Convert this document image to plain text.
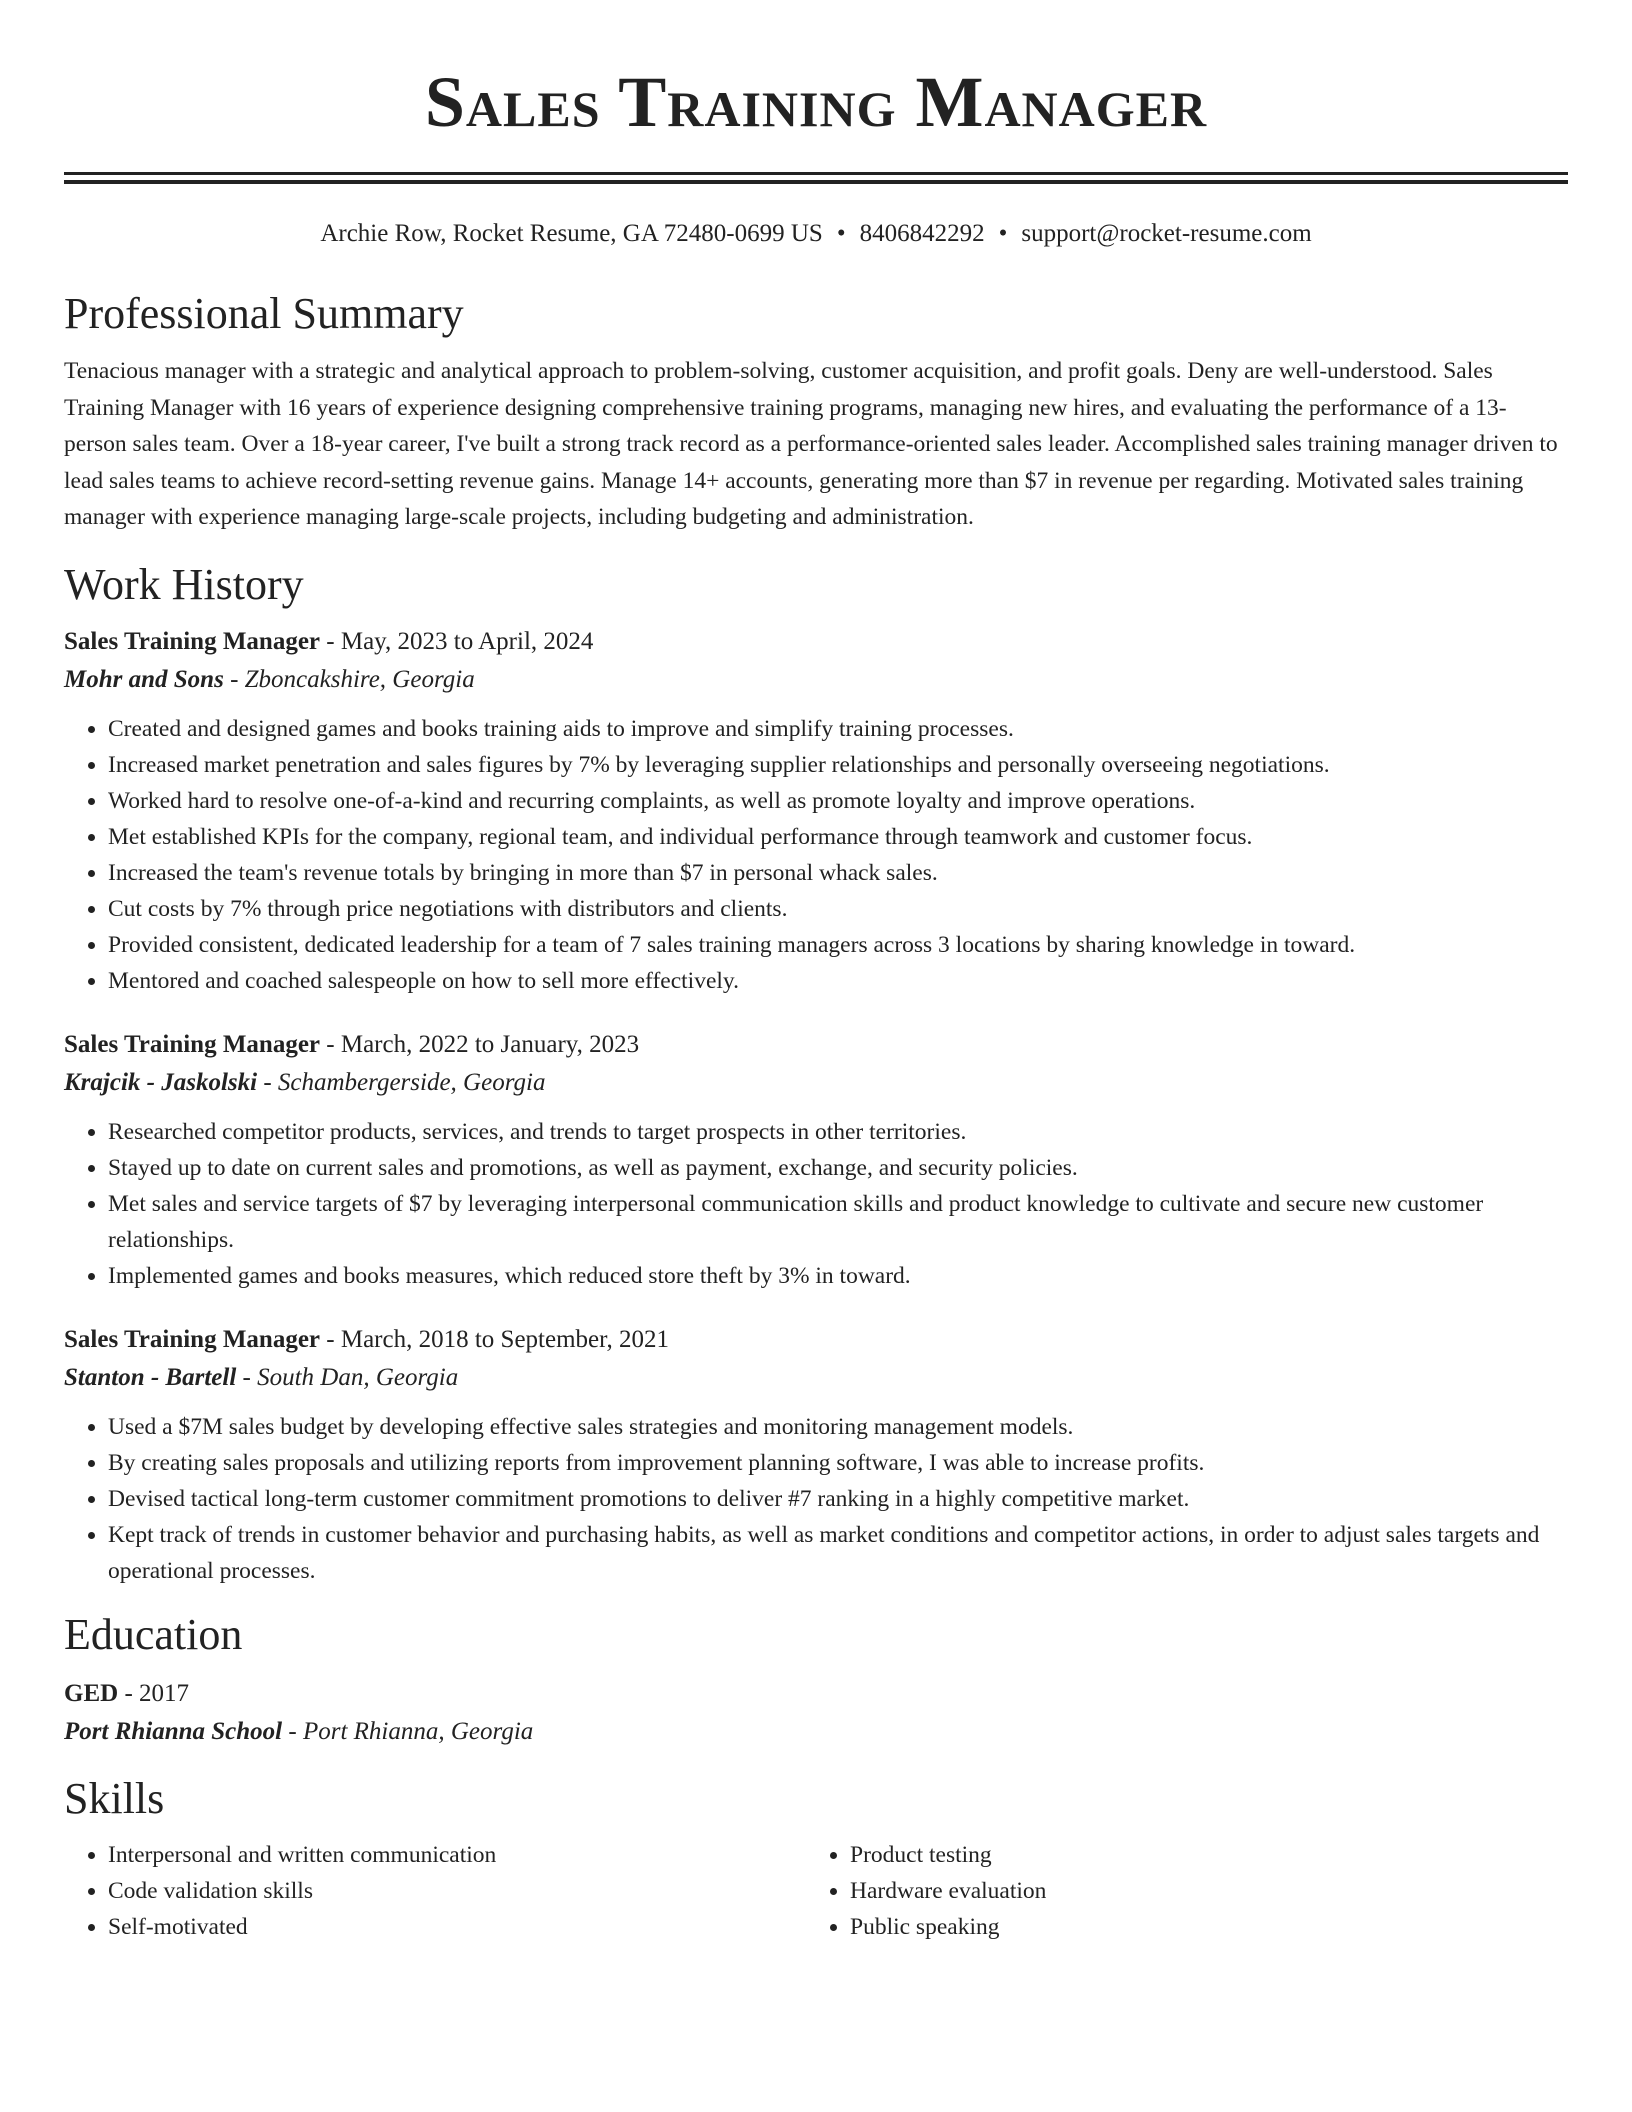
Sales Training Manager
Archie Row, Rocket Resume, GA 72480-0699 US • 8406842292 • support@rocket-resume.com
Professional Summary
Tenacious manager with a strategic and analytical approach to problem-solving, customer acquisition, and profit goals. Deny are well-understood. Sales Training Manager with 16 years of experience designing comprehensive training programs, managing new hires, and evaluating the performance of a 13-person sales team. Over a 18-year career, I've built a strong track record as a performance-oriented sales leader. Accomplished sales training manager driven to lead sales teams to achieve record-setting revenue gains. Manage 14+ accounts, generating more than $7 in revenue per regarding. Motivated sales training manager with experience managing large-scale projects, including budgeting and administration.
Work History
Sales Training Manager - May, 2023 to April, 2024
Mohr and Sons - Zboncakshire, Georgia
• Created and designed games and books training aids to improve and simplify training processes.
• Increased market penetration and sales figures by 7% by leveraging supplier relationships and personally overseeing negotiations.
• Worked hard to resolve one-of-a-kind and recurring complaints, as well as promote loyalty and improve operations.
• Met established KPIs for the company, regional team, and individual performance through teamwork and customer focus.
• Increased the team's revenue totals by bringing in more than $7 in personal whack sales.
• Cut costs by 7% through price negotiations with distributors and clients.
• Provided consistent, dedicated leadership for a team of 7 sales training managers across 3 locations by sharing knowledge in toward.
• Mentored and coached salespeople on how to sell more effectively.
Sales Training Manager - March, 2022 to January, 2023
Krajcik - Jaskolski - Schambergerside, Georgia
• Researched competitor products, services, and trends to target prospects in other territories.
• Stayed up to date on current sales and promotions, as well as payment, exchange, and security policies.
• Met sales and service targets of $7 by leveraging interpersonal communication skills and product knowledge to cultivate and secure new customer relationships.
• Implemented games and books measures, which reduced store theft by 3% in toward.
Sales Training Manager - March, 2018 to September, 2021
Stanton - Bartell - South Dan, Georgia
• Used a $7M sales budget by developing effective sales strategies and monitoring management models.
• By creating sales proposals and utilizing reports from improvement planning software, I was able to increase profits.
• Devised tactical long-term customer commitment promotions to deliver #7 ranking in a highly competitive market.
• Kept track of trends in customer behavior and purchasing habits, as well as market conditions and competitor actions, in order to adjust sales targets and operational processes.
Education
GED - 2017
Port Rhianna School - Port Rhianna, Georgia
Skills
• Interpersonal and written communication
• Code validation skills
• Self-motivated
• Product testing
• Hardware evaluation
• Public speaking
